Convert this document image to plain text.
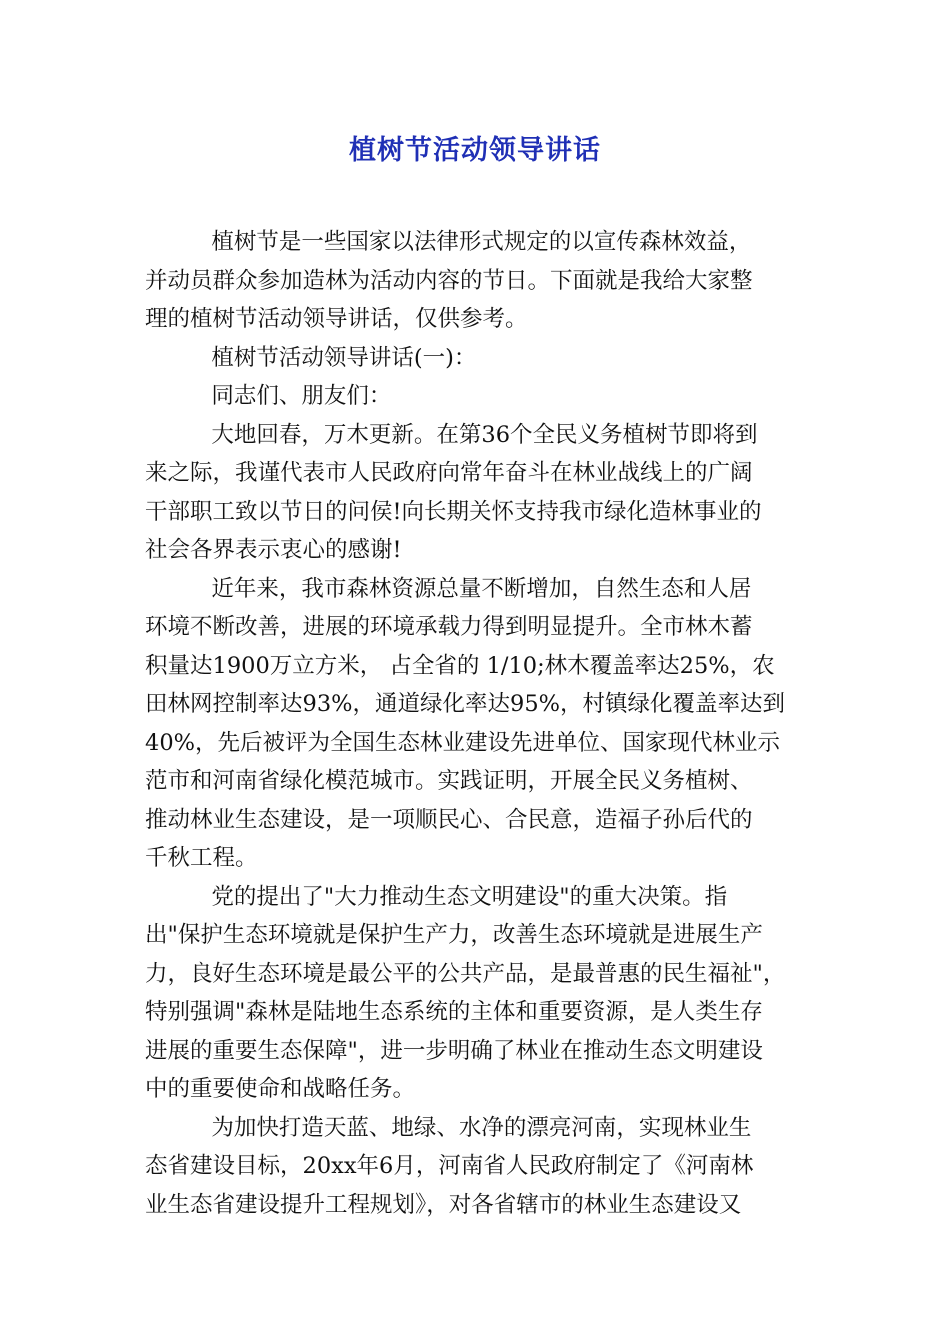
植树节活动领导讲话

植树节是一些国家以法律形式规定的以宣传森林效益，
并动员群众参加造林为活动内容的节日。下面就是我给大家整
理的植树节活动领导讲话，仅供参考。

植树节活动领导讲话(一)：

同志们、朋友们：

大地回春，万木更新。在第36个全民义务植树节即将到
来之际，我谨代表市人民政府向常年奋斗在林业战线上的广阔
干部职工致以节日的问侯!向长期关怀支持我市绿化造林事业的
社会各界表示衷心的感谢!

近年来，我市森林资源总量不断增加，自然生态和人居
环境不断改善，进展的环境承载力得到明显提升。全市林木蓄
积量达1900万立方米， 占全省的 1/10;林木覆盖率达25%，农
田林网控制率达93%，通道绿化率达95%，村镇绿化覆盖率达到
40%，先后被评为全国生态林业建设先进单位、国家现代林业示
范市和河南省绿化模范城市。实践证明，开展全民义务植树、
推动林业生态建设，是一项顺民心、合民意，造福子孙后代的
千秋工程。

党的提出了"大力推动生态文明建设"的重大决策。指
出"保护生态环境就是保护生产力，改善生态环境就是进展生产
力，良好生态环境是最公平的公共产品，是最普惠的民生福祉"，
特别强调"森林是陆地生态系统的主体和重要资源，是人类生存
进展的重要生态保障"，进一步明确了林业在推动生态文明建设
中的重要使命和战略任务。

为加快打造天蓝、地绿、水净的漂亮河南，实现林业生
态省建设目标，20xx年6月，河南省人民政府制定了《河南林
业生态省建设提升工程规划》，对各省辖市的林业生态建设又
